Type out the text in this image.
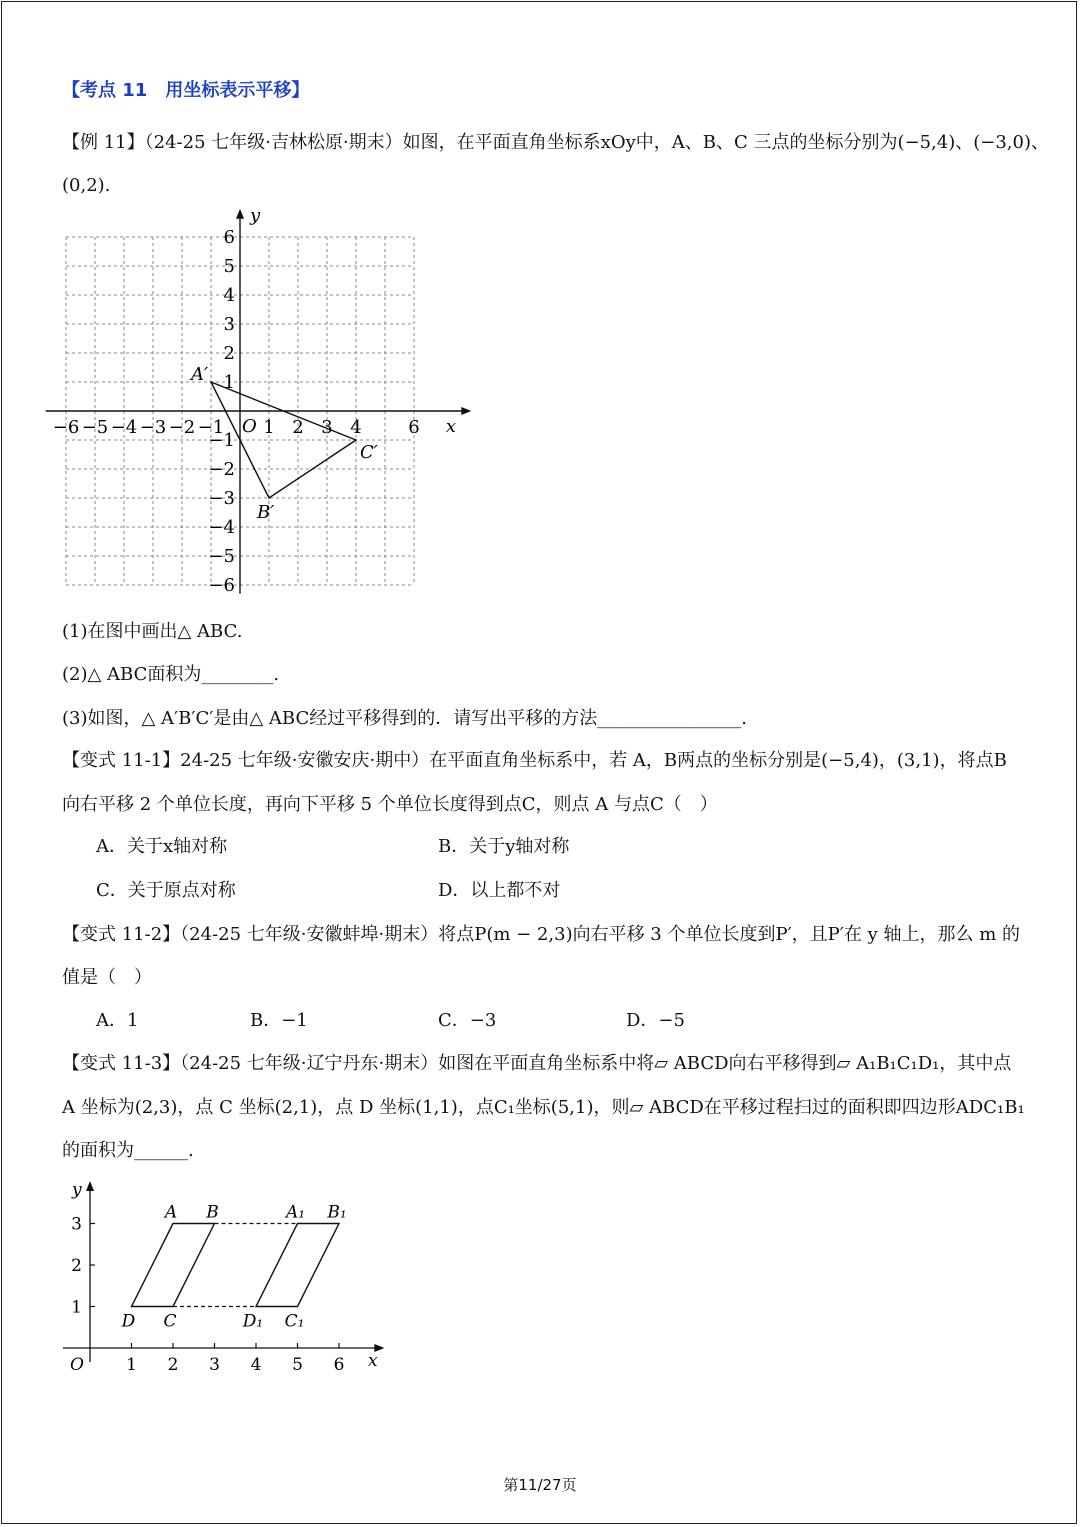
【考点 11　用坐标表示平移】
【例 11】（24-25 七年级·吉林松原·期末）如图，在平面直角坐标系xOy中，A、B、C 三点的坐标分别为(−5,4)、(−3,0)、
(0,2).
y
x
O
−6 −5 −4 −3 −2 −1 1 2 3 4	6
6
5
4
3
2
1
−1
−2
−3
−4
−5
−6
A′
B′
C′
(1)在图中画出△ ABC.
(2)△ ABC面积为________.
(3)如图，△ A′B′C′是由△ ABC经过平移得到的．请写出平移的方法________________.
【变式 11-1】24-25 七年级·安徽安庆·期中）在平面直角坐标系中，若 A，B两点的坐标分别是(−5,4)，(3,1)，将点B
向右平移 2 个单位长度，再向下平移 5 个单位长度得到点C，则点 A 与点C（　）
A．关于x轴对称	B．关于y轴对称
C．关于原点对称	D．以上都不对
【变式 11-2】（24-25 七年级·安徽蚌埠·期末）将点P(m − 2,3)向右平移 3 个单位长度到P′，且P′在 y 轴上，那么 m 的
值是（　）
A．1	B．−1	C．−3	D．−5
【变式 11-3】（24-25 七年级·辽宁丹东·期末）如图在平面直角坐标系中将▱ ABCD向右平移得到▱ A₁B₁C₁D₁，其中点
A 坐标为(2,3)，点 C 坐标(2,1)，点 D 坐标(1,1)，点C₁坐标(5,1)，则▱ ABCD在平移过程扫过的面积即四边形ADC₁B₁
的面积为______.
y
x
O 1 2 3 4 5 6
3
2
1
A B
C
D
A₁ B₁
C₁
D₁
第11/27页
